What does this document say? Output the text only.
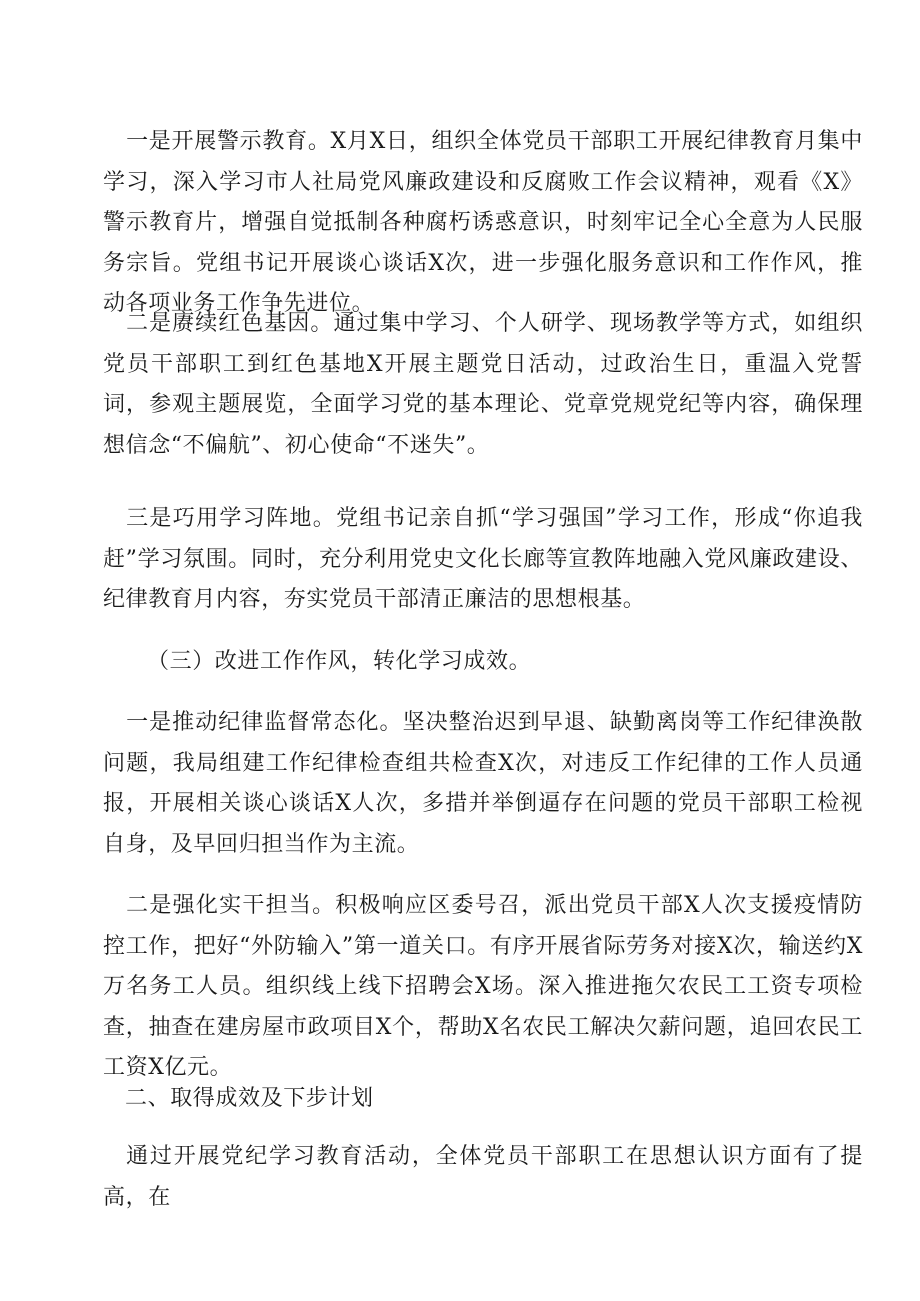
一是开展警示教育。X月X日，组织全体党员干部职工开展纪律教育月集中学习，深入学习市人社局党风廉政建设和反腐败工作会议精神，观看《X》警示教育片，增强自觉抵制各种腐朽诱惑意识，时刻牢记全心全意为人民服务宗旨。党组书记开展谈心谈话X次，进一步强化服务意识和工作作风，推动各项业务工作争先进位。

二是赓续红色基因。通过集中学习、个人研学、现场教学等方式，如组织党员干部职工到红色基地X开展主题党日活动，过政治生日，重温入党誓词，参观主题展览，全面学习党的基本理论、党章党规党纪等内容，确保理想信念“不偏航”、初心使命“不迷失”。

三是巧用学习阵地。党组书记亲自抓“学习强国”学习工作，形成“你追我赶”学习氛围。同时，充分利用党史文化长廊等宣教阵地融入党风廉政建设、纪律教育月内容，夯实党员干部清正廉洁的思想根基。

（三）改进工作作风，转化学习成效。

一是推动纪律监督常态化。坚决整治迟到早退、缺勤离岗等工作纪律涣散问题，我局组建工作纪律检查组共检查X次，对违反工作纪律的工作人员通报，开展相关谈心谈话X人次，多措并举倒逼存在问题的党员干部职工检视自身，及早回归担当作为主流。

二是强化实干担当。积极响应区委号召，派出党员干部X人次支援疫情防控工作，把好“外防输入”第一道关口。有序开展省际劳务对接X次，输送约X万名务工人员。组织线上线下招聘会X场。深入推进拖欠农民工工资专项检查，抽查在建房屋市政项目X个，帮助X名农民工解决欠薪问题，追回农民工工资X亿元。

二、取得成效及下步计划

通过开展党纪学习教育活动，全体党员干部职工在思想认识方面有了提高，在
